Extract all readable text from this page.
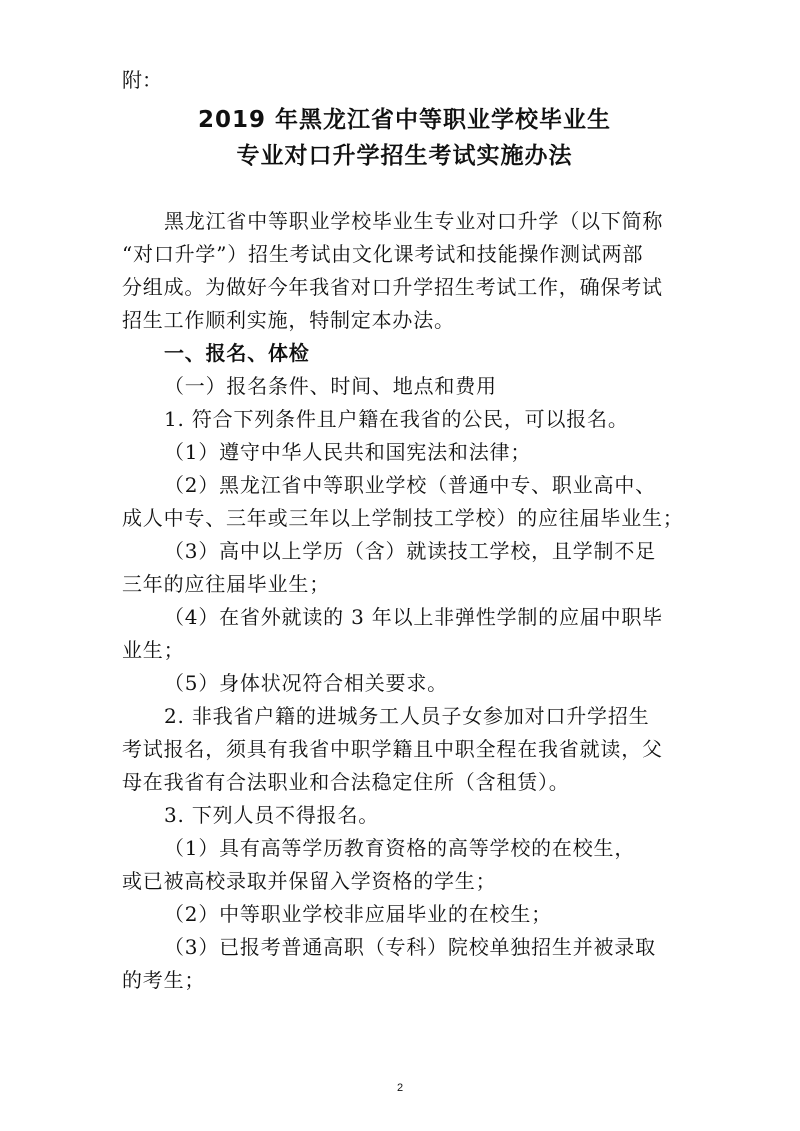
附：
2019 年黑龙江省中等职业学校毕业生
专业对口升学招生考试实施办法
黑龙江省中等职业学校毕业生专业对口升学（以下简称
“对口升学”）招生考试由文化课考试和技能操作测试两部
分组成。为做好今年我省对口升学招生考试工作，确保考试
招生工作顺利实施，特制定本办法。
一、报名、体检
（一）报名条件、时间、地点和费用
1. 符合下列条件且户籍在我省的公民，可以报名。
（1）遵守中华人民共和国宪法和法律；
（2）黑龙江省中等职业学校（普通中专、职业高中、
成人中专、三年或三年以上学制技工学校）的应往届毕业生；
（3）高中以上学历（含）就读技工学校，且学制不足
三年的应往届毕业生；
（4）在省外就读的 3 年以上非弹性学制的应届中职毕
业生；
（5）身体状况符合相关要求。
2. 非我省户籍的进城务工人员子女参加对口升学招生
考试报名，须具有我省中职学籍且中职全程在我省就读，父
母在我省有合法职业和合法稳定住所（含租赁）。
3. 下列人员不得报名。
（1）具有高等学历教育资格的高等学校的在校生，
或已被高校录取并保留入学资格的学生；
（2）中等职业学校非应届毕业的在校生；
（3）已报考普通高职（专科）院校单独招生并被录取
的考生；
2
